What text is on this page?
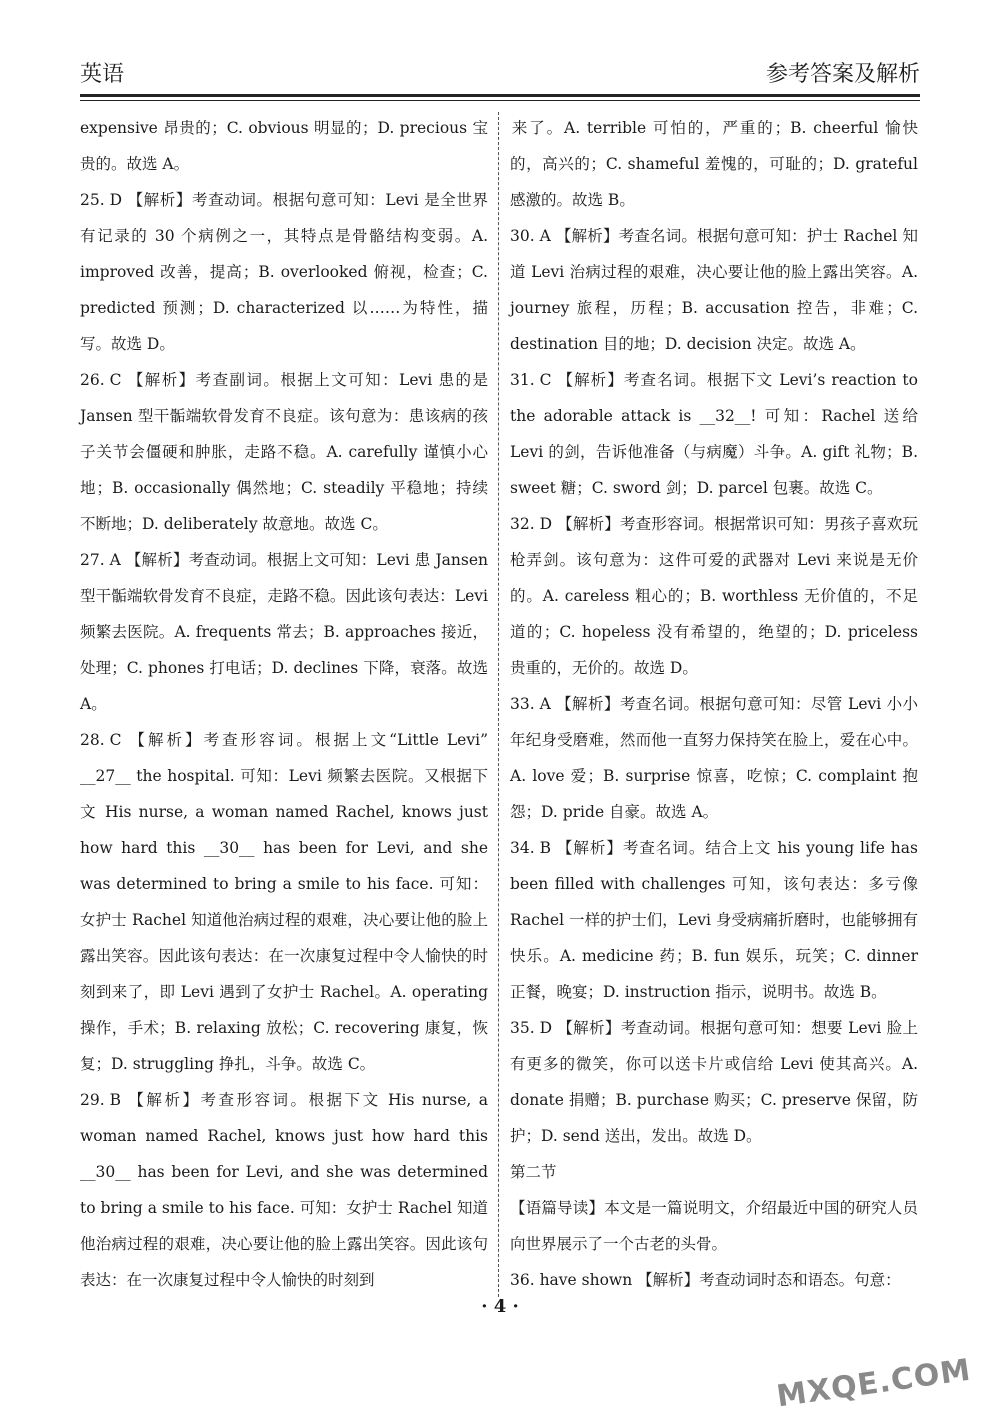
英语	参考答案及解析

expensive 昂贵的；C. obvious 明显的；D. precious 宝贵的。故选 A。

25. D 【解析】考查动词。根据句意可知：Levi 是全世界有记录的 30 个病例之一，其特点是骨骼结构变弱。A. improved 改善，提高；B. overlooked 俯视，检查；C. predicted 预测；D. characterized 以……为特性，描写。故选 D。

26. C 【解析】考查副词。根据上文可知：Levi 患的是 Jansen 型干骺端软骨发育不良症。该句意为：患该病的孩子关节会僵硬和肿胀，走路不稳。A. carefully 谨慎小心地；B. occasionally 偶然地；C. steadily 平稳地；持续不断地；D. deliberately 故意地。故选 C。

27. A 【解析】考查动词。根据上文可知：Levi 患 Jansen 型干骺端软骨发育不良症，走路不稳。因此该句表达：Levi 频繁去医院。A. frequents 常去；B. approaches 接近，处理；C. phones 打电话；D. declines 下降，衰落。故选 A。

28. C 【解析】考查形容词。根据上文“Little Levi” __27__ the hospital. 可知：Levi 频繁去医院。又根据下文 His nurse, a woman named Rachel, knows just how hard this __30__ has been for Levi, and she was determined to bring a smile to his face. 可知：女护士 Rachel 知道他治病过程的艰难，决心要让他的脸上露出笑容。因此该句表达：在一次康复过程中令人愉快的时刻到来了，即 Levi 遇到了女护士 Rachel。A. operating 操作，手术；B. relaxing 放松；C. recovering 康复，恢复；D. struggling 挣扎，斗争。故选 C。

29. B 【解析】考查形容词。根据下文 His nurse, a woman named Rachel, knows just how hard this __30__ has been for Levi, and she was determined to bring a smile to his face. 可知：女护士 Rachel 知道他治病过程的艰难，决心要让他的脸上露出笑容。因此该句表达：在一次康复过程中令人愉快的时刻到

来了。A. terrible 可怕的，严重的；B. cheerful 愉快的，高兴的；C. shameful 羞愧的，可耻的；D. grateful 感激的。故选 B。

30. A 【解析】考查名词。根据句意可知：护士 Rachel 知道 Levi 治病过程的艰难，决心要让他的脸上露出笑容。A. journey 旅程，历程；B. accusation 控告，非难；C. destination 目的地；D. decision 决定。故选 A。

31. C 【解析】考查名词。根据下文 Levi’s reaction to the adorable attack is __32__! 可知：Rachel 送给 Levi 的剑，告诉他准备（与病魔）斗争。A. gift 礼物；B. sweet 糖；C. sword 剑；D. parcel 包裹。故选 C。

32. D 【解析】考查形容词。根据常识可知：男孩子喜欢玩枪弄剑。该句意为：这件可爱的武器对 Levi 来说是无价的。A. careless 粗心的；B. worthless 无价值的，不足道的；C. hopeless 没有希望的，绝望的；D. priceless 贵重的，无价的。故选 D。

33. A 【解析】考查名词。根据句意可知：尽管 Levi 小小年纪身受磨难，然而他一直努力保持笑在脸上，爱在心中。A. love 爱；B. surprise 惊喜，吃惊；C. complaint 抱怨；D. pride 自豪。故选 A。

34. B 【解析】考查名词。结合上文 his young life has been filled with challenges 可知，该句表达：多亏像 Rachel 一样的护士们，Levi 身受病痛折磨时，也能够拥有快乐。A. medicine 药；B. fun 娱乐，玩笑；C. dinner 正餐，晚宴；D. instruction 指示，说明书。故选 B。

35. D 【解析】考查动词。根据句意可知：想要 Levi 脸上有更多的微笑，你可以送卡片或信给 Levi 使其高兴。A. donate 捐赠；B. purchase 购买；C. preserve 保留，防护；D. send 送出，发出。故选 D。

第二节

【语篇导读】本文是一篇说明文，介绍最近中国的研究人员向世界展示了一个古老的头骨。

36. have shown 【解析】考查动词时态和语态。句意：

· 4 ·
MXQE.COM
